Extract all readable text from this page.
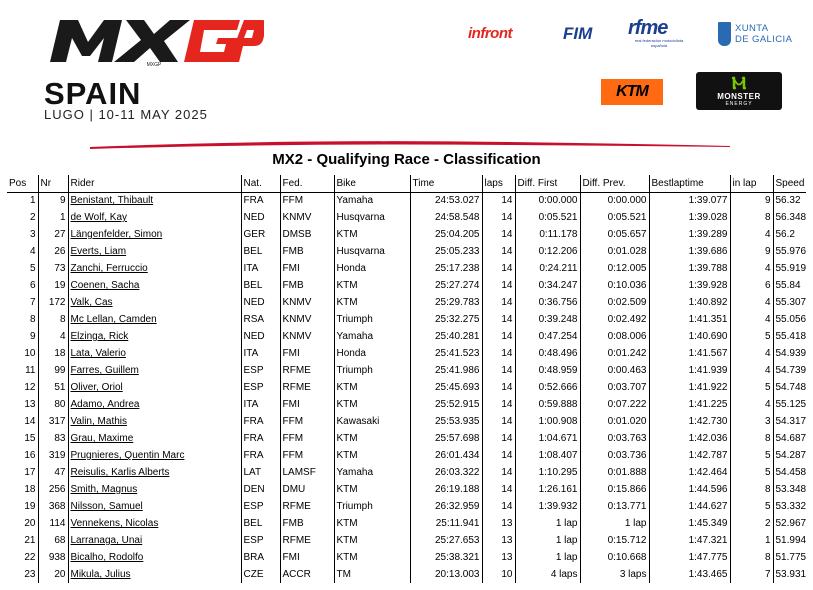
MXGP
SPAIN
LUGO | 10-11 MAY 2025
infront	FIM rfme
real federación motociclista española
XUNTA
DE GALICIA
KTM	Ⲙ
MONSTER
ENERGY
MX2 - Qualifying Race - Classification
Pos	Nr	Rider	Nat.	Fed.	Bike	Time	laps	Diff. First	Diff. Prev.	Bestlaptime	in lap	Speed
1	9	Benistant, Thibault	FRA	FFM	Yamaha	24:53.027	14	0:00.000	0:00.000	1:39.077	9	56.32
2	1	de Wolf, Kay	NED	KNMV	Husqvarna	24:58.548	14	0:05.521	0:05.521	1:39.028	8	56.348
3	27	Längenfelder, Simon	GER	DMSB	KTM	25:04.205	14	0:11.178	0:05.657	1:39.289	4	56.2
4	26	Everts, Liam	BEL	FMB	Husqvarna	25:05.233	14	0:12.206	0:01.028	1:39.686	9	55.976
5	73	Zanchi, Ferruccio	ITA	FMI	Honda	25:17.238	14	0:24.211	0:12.005	1:39.788	4	55.919
6	19	Coenen, Sacha	BEL	FMB	KTM	25:27.274	14	0:34.247	0:10.036	1:39.928	6	55.84
7	172	Valk, Cas	NED	KNMV	KTM	25:29.783	14	0:36.756	0:02.509	1:40.892	4	55.307
8	8	Mc Lellan, Camden	RSA	KNMV	Triumph	25:32.275	14	0:39.248	0:02.492	1:41.351	4	55.056
9	4	Elzinga, Rick	NED	KNMV	Yamaha	25:40.281	14	0:47.254	0:08.006	1:40.690	5	55.418
10	18	Lata, Valerio	ITA	FMI	Honda	25:41.523	14	0:48.496	0:01.242	1:41.567	4	54.939
11	99	Farres, Guillem	ESP	RFME	Triumph	25:41.986	14	0:48.959	0:00.463	1:41.939	4	54.739
12	51	Oliver, Oriol	ESP	RFME	KTM	25:45.693	14	0:52.666	0:03.707	1:41.922	5	54.748
13	80	Adamo, Andrea	ITA	FMI	KTM	25:52.915	14	0:59.888	0:07.222	1:41.225	4	55.125
14	317	Valin, Mathis	FRA	FFM	Kawasaki	25:53.935	14	1:00.908	0:01.020	1:42.730	3	54.317
15	83	Grau, Maxime	FRA	FFM	KTM	25:57.698	14	1:04.671	0:03.763	1:42.036	8	54.687
16	319	Prugnieres, Quentin Marc	FRA	FFM	KTM	26:01.434	14	1:08.407	0:03.736	1:42.787	5	54.287
17	47	Reisulis, Karlis Alberts	LAT	LAMSF	Yamaha	26:03.322	14	1:10.295	0:01.888	1:42.464	5	54.458
18	256	Smith, Magnus	DEN	DMU	KTM	26:19.188	14	1:26.161	0:15.866	1:44.596	8	53.348
19	368	Nilsson, Samuel	ESP	RFME	Triumph	26:32.959	14	1:39.932	0:13.771	1:44.627	5	53.332
20	114	Vennekens, Nicolas	BEL	FMB	KTM	25:11.941	13	1 lap	1 lap	1:45.349	2	52.967
21	68	Larranaga, Unai	ESP	RFME	KTM	25:27.653	13	1 lap	0:15.712	1:47.321	1	51.994
22	938	Bicalho, Rodolfo	BRA	FMI	KTM	25:38.321	13	1 lap	0:10.668	1:47.775	8	51.775
23	20	Mikula, Julius	CZE	ACCR	TM	20:13.003	10	4 laps	3 laps	1:43.465	7	53.931
